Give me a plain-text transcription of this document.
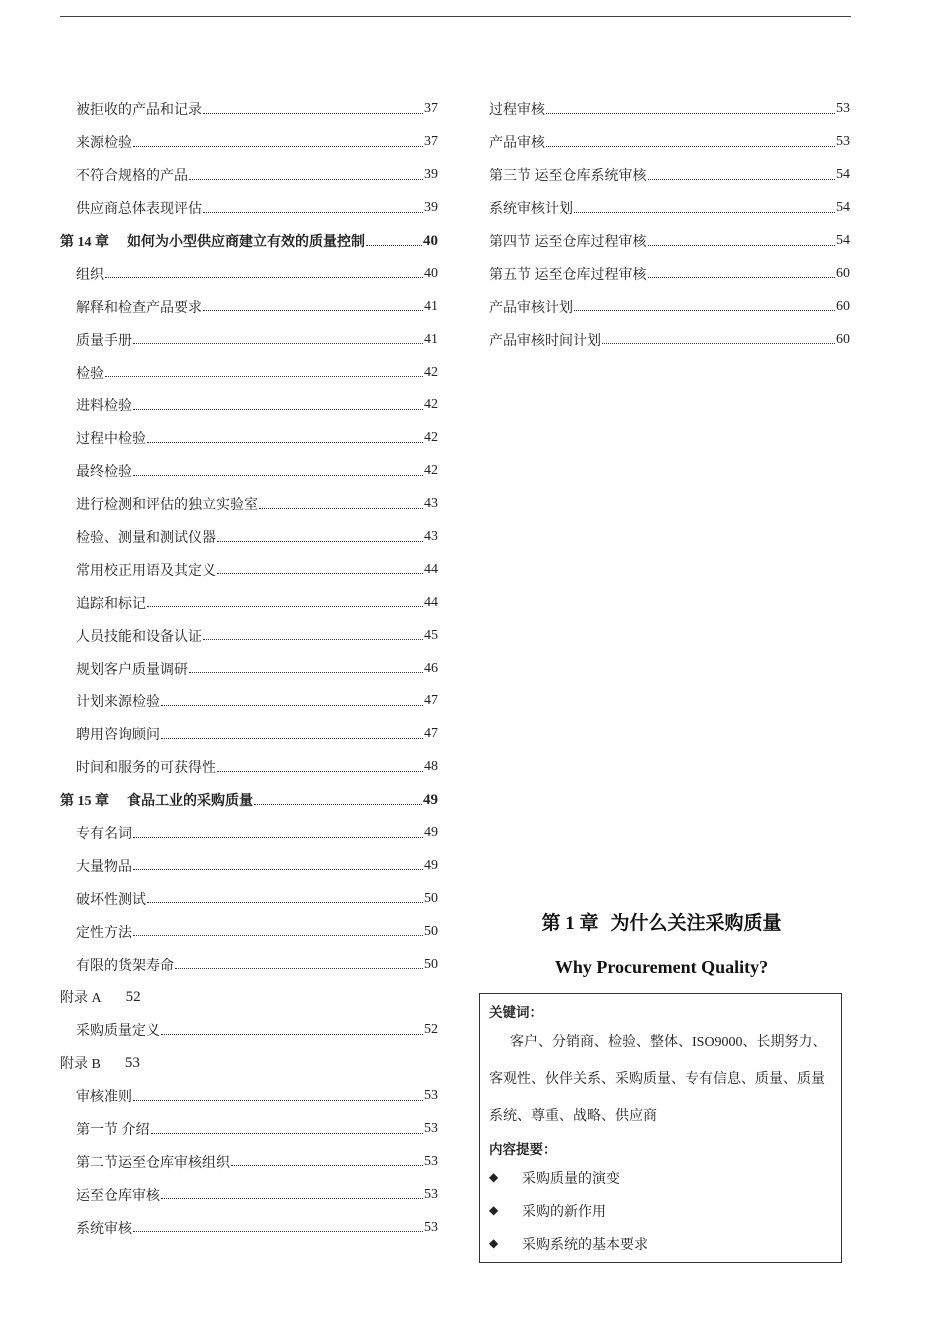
被拒收的产品和记录	37
来源检验	37
不符合规格的产品	39
供应商总体表现评估	39
第 14 章 如何为小型供应商建立有效的质量控制	40
组织	40
解释和检查产品要求	41
质量手册	41
检验	42
进料检验	42
过程中检验	42
最终检验	42
进行检测和评估的独立实验室	43
检验、测量和测试仪器	43
常用校正用语及其定义	44
追踪和标记	44
人员技能和设备认证	45
规划客户质量调研	46
计划来源检验	47
聘用咨询顾问	47
时间和服务的可获得性	48
第 15 章 食品工业的采购质量	49
专有名词	49
大量物品	49
破坏性测试	50
定性方法	50
有限的货架寿命	50
附录 A 52
采购质量定义	52
附录 B 53
审核准则	53
第一节 介绍	53
第二节运至仓库审核组织	53
运至仓库审核	53
系统审核	53
过程审核	53
产品审核	53
第三节 运至仓库系统审核	54
系统审核计划	54
第四节 运至仓库过程审核	54
第五节 运至仓库过程审核	60
产品审核计划	60
产品审核时间计划	60
第 1 章 为什么关注采购质量
Why Procurement Quality?
关键词：
客户、分销商、检验、整体、ISO9000、长期努力、客观性、伙伴关系、采购质量、专有信息、质量、质量系统、尊重、战略、供应商
内容提要：
◆	采购质量的演变
◆	采购的新作用
◆	采购系统的基本要求
